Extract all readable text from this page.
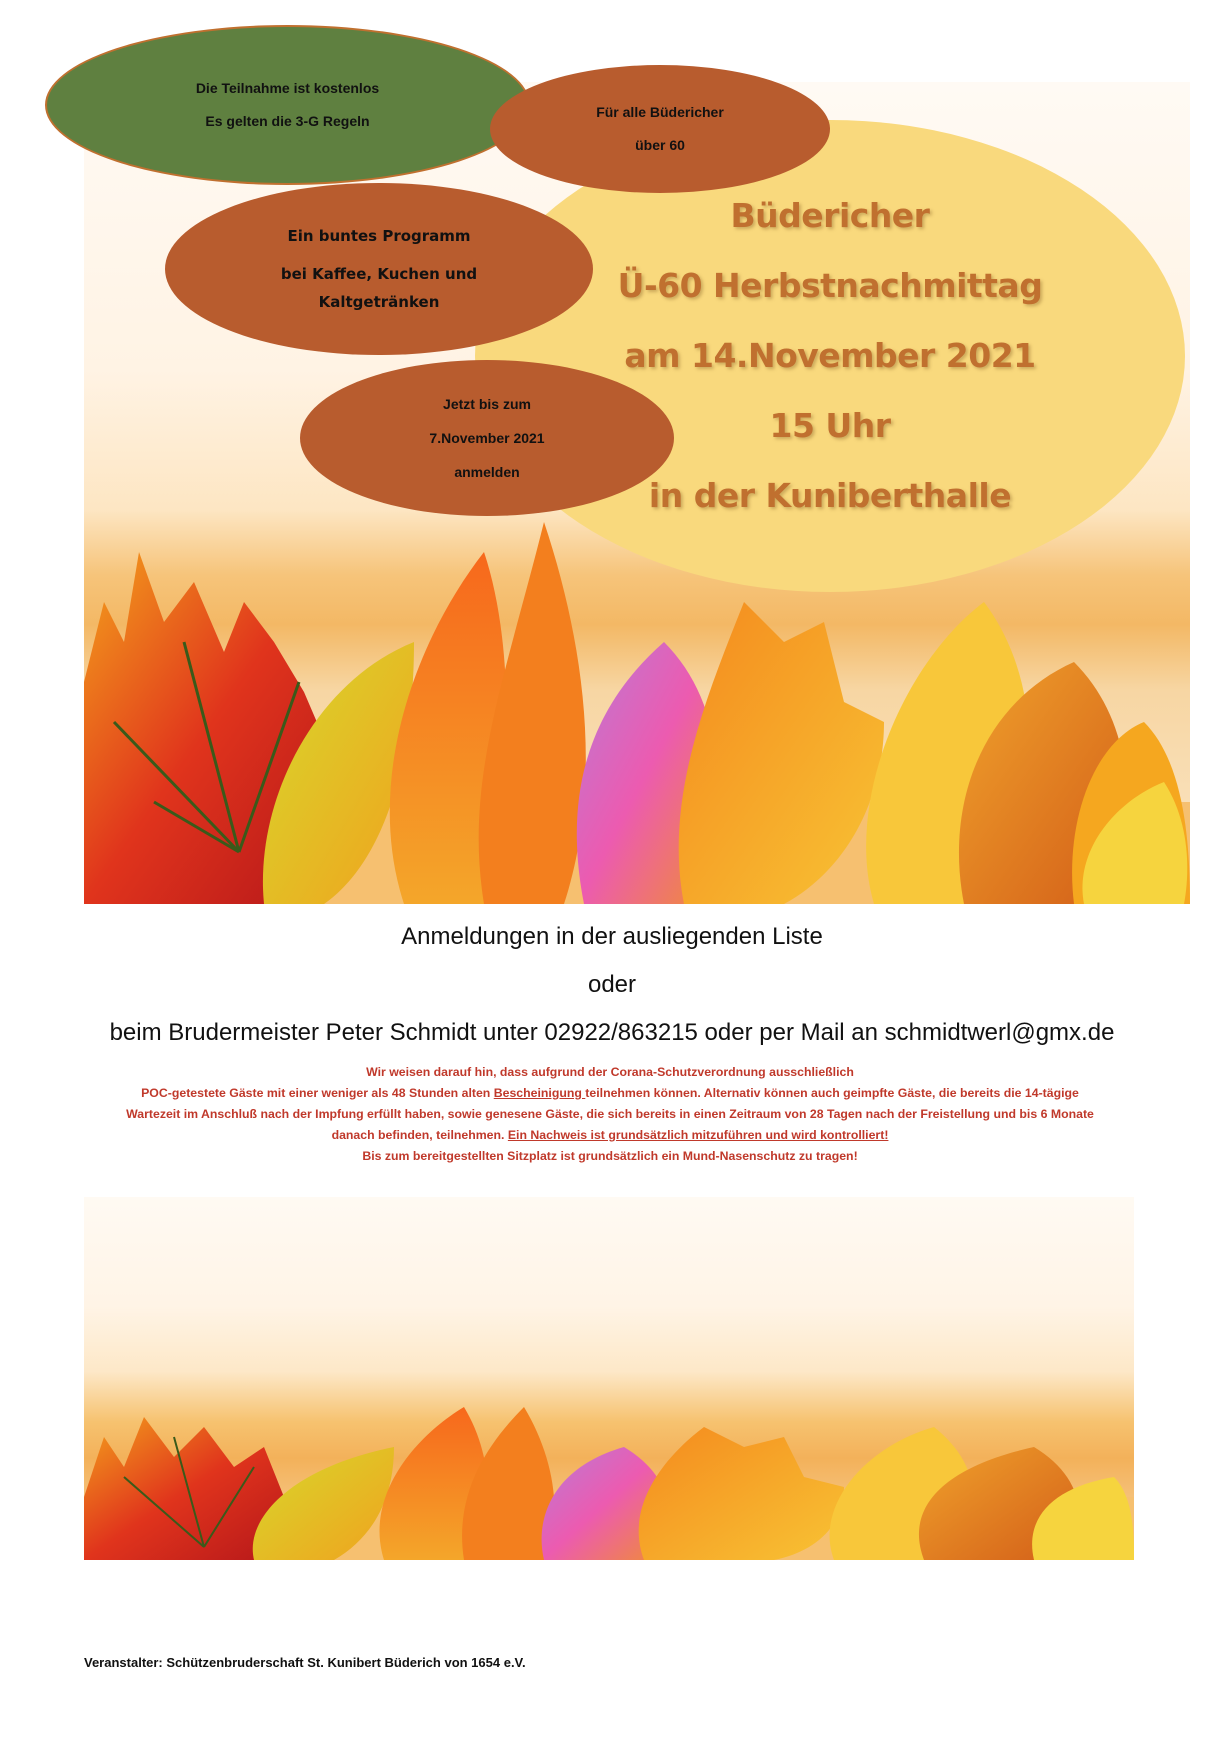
Büdericher
Ü-60 Herbstnachmittag
am 14.November 2021
15 Uhr
in der Kuniberthalle
Die Teilnahme ist kostenlos
Es gelten die 3-G Regeln
Für alle Büdericher
über 60
Ein buntes Programm
bei Kaffee, Kuchen und
Kaltgetränken
Jetzt bis zum
7.November 2021
anmelden
Anmeldungen in der ausliegenden Liste
oder
beim Brudermeister Peter Schmidt unter 02922/863215 oder per Mail an schmidtwerl@gmx.de
Wir weisen darauf hin, dass aufgrund der Corana-Schutzverordnung ausschließlich
POC-getestete Gäste mit einer weniger als 48 Stunden alten Bescheinigung teilnehmen können. Alternativ können auch geimpfte Gäste, die bereits die 14-tägige
Wartezeit im Anschluß nach der Impfung erfüllt haben, sowie genesene Gäste, die sich bereits in einen Zeitraum von 28 Tagen nach der Freistellung und bis 6 Monate
danach befinden, teilnehmen. Ein Nachweis ist grundsätzlich mitzuführen und wird kontrolliert!
Bis zum bereitgestellten Sitzplatz ist grundsätzlich ein Mund-Nasenschutz zu tragen!
Veranstalter: Schützenbruderschaft St. Kunibert Büderich von 1654 e.V.
